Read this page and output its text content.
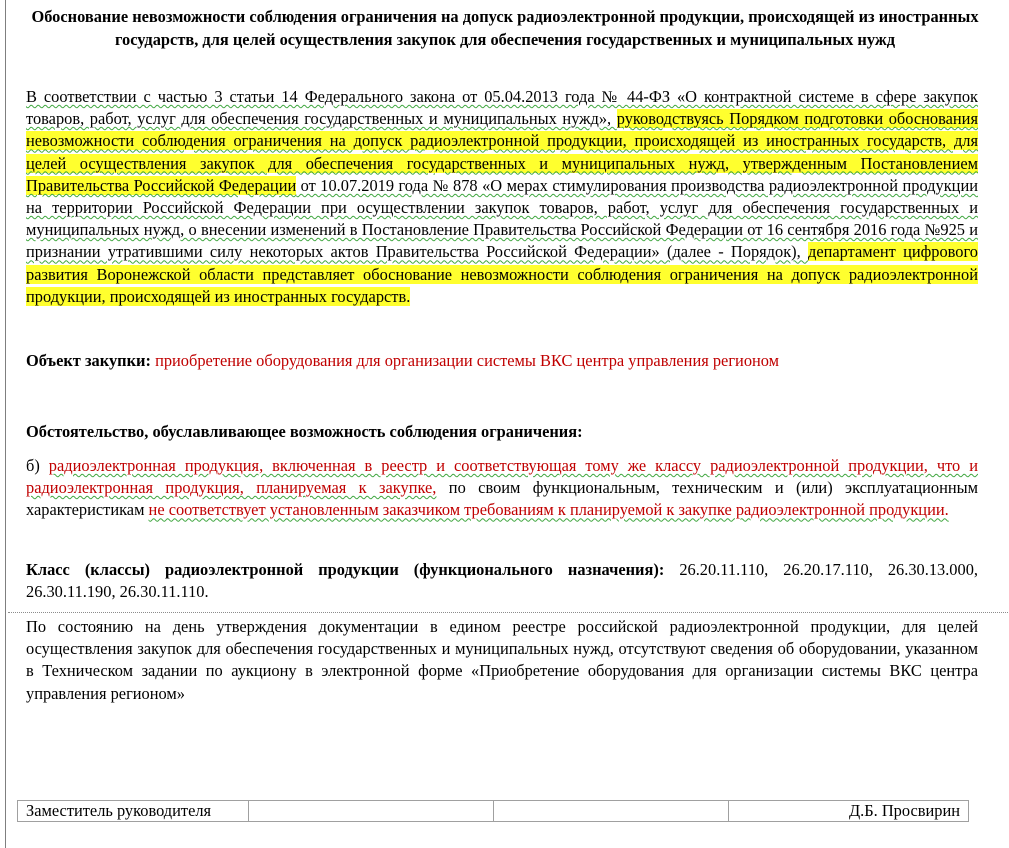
Обоснование невозможности соблюдения ограничения на допуск радиоэлектронной продукции, происходящей из иностранных государств, для целей осуществления закупок для обеспечения государственных и муниципальных нужд
В соответствии с частью 3 статьи 14 Федерального закона от 05.04.2013 года № 44-ФЗ «О контрактной системе в сфере закупок товаров, работ, услуг для обеспечения государственных и муниципальных нужд», руководствуясь Порядком подготовки обоснования невозможности соблюдения ограничения на допуск радиоэлектронной продукции, происходящей из иностранных государств, для целей осуществления закупок для обеспечения государственных и муниципальных нужд, утвержденным Постановлением Правительства Российской Федерации от 10.07.2019 года № 878 «О мерах стимулирования производства радиоэлектронной продукции на территории Российской Федерации при осуществлении закупок товаров, работ, услуг для обеспечения государственных и муниципальных нужд, о внесении изменений в Постановление Правительства Российской Федерации от 16 сентября 2016 года №925 и признании утратившими силу некоторых актов Правительства Российской Федерации» (далее - Порядок), департамент цифрового развития Воронежской области представляет обоснование невозможности соблюдения ограничения на допуск радиоэлектронной продукции, происходящей из иностранных государств.
Объект закупки: приобретение оборудования для организации системы ВКС центра управления регионом
Обстоятельство, обуславливающее возможность соблюдения ограничения:
б) радиоэлектронная продукция, включенная в реестр и соответствующая тому же классу радиоэлектронной продукции, что и радиоэлектронная продукция, планируемая к закупке, по своим функциональным, техническим и (или) эксплуатационным характеристикам не соответствует установленным заказчиком требованиям к планируемой к закупке радиоэлектронной продукции.
Класс (классы) радиоэлектронной продукции (функционального назначения): 26.20.11.110, 26.20.17.110, 26.30.13.000, 26.30.11.190, 26.30.11.110.
По состоянию на день утверждения документации в едином реестре российской радиоэлектронной продукции, для целей осуществления закупок для обеспечения государственных и муниципальных нужд, отсутствуют сведения об оборудовании, указанном в Техническом задании по аукциону в электронной форме «Приобретение оборудования для организации системы ВКС центра управления регионом»
Заместитель руководителя	Д.Б. Просвирин
